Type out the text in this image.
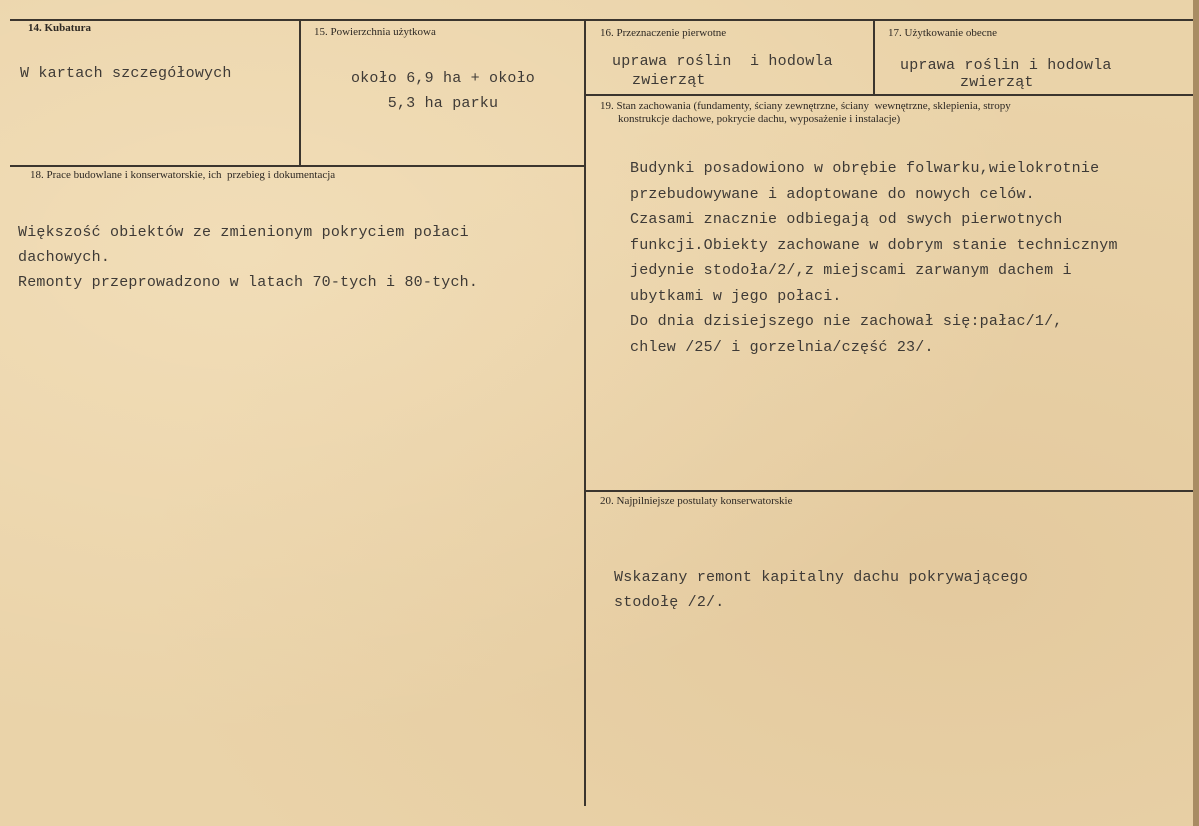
14. Kubatura
W kartach szczegółowych
15. Powierzchnia użytkowa
około 6,9 ha + około
5,3 ha parku
16. Przeznaczenie pierwotne
uprawa roślin  i hodowla
zwierząt
17. Użytkowanie obecne
uprawa roślin i hodowla
zwierząt
18. Prace budowlane i konserwatorskie, ich  przebieg i dokumentacja
Większość obiektów ze zmienionym pokryciem połaci
dachowych.
Remonty przeprowadzono w latach 70-tych i 80-tych.
19. Stan zachowania (fundamenty, ściany zewnętrzne, ściany  wewnętrzne, sklepienia, stropy
konstrukcje dachowe, pokrycie dachu, wyposażenie i instalacje)
Budynki posadowiono w obrębie folwarku,wielokrotnie
przebudowywane i adoptowane do nowych celów.
Czasami znacznie odbiegają od swych pierwotnych
funkcji.Obiekty zachowane w dobrym stanie technicznym
jedynie stodoła/2/,z miejscami zarwanym dachem i
ubytkami w jego połaci.
Do dnia dzisiejszego nie zachował się:pałac/1/,
chlew /25/ i gorzelnia/część 23/.
20. Najpilniejsze postulaty konserwatorskie
Wskazany remont kapitalny dachu pokrywającego
stodołę /2/.
